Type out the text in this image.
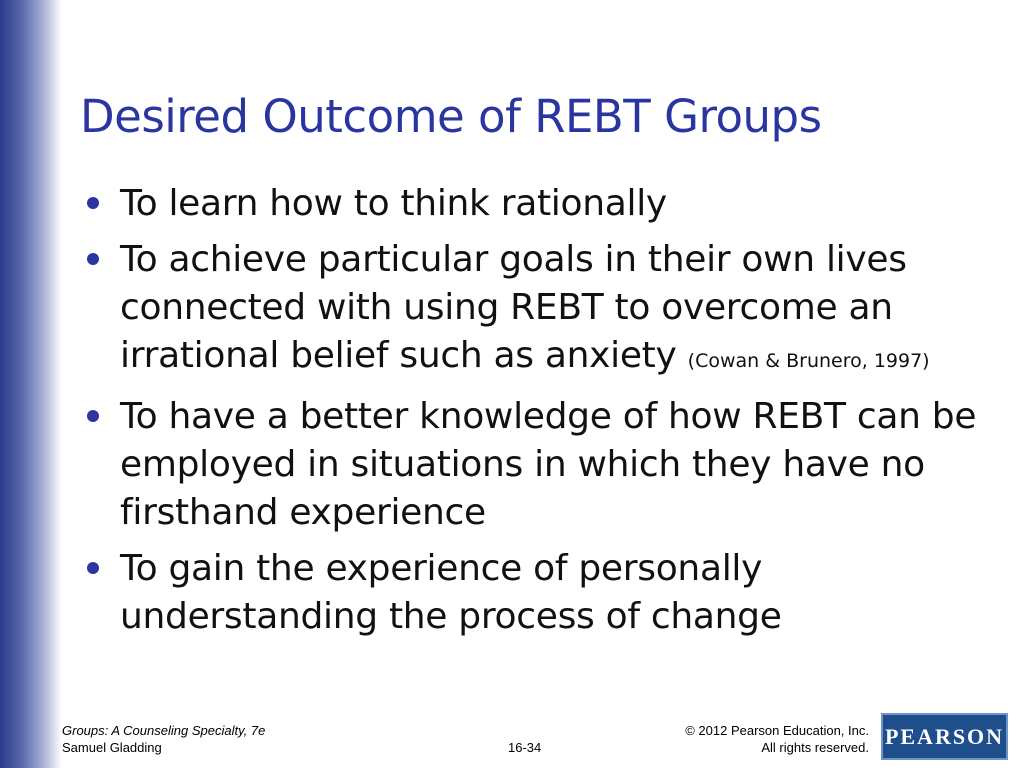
Desired Outcome of REBT Groups
To learn how to think rationally
To achieve particular goals in their own lives connected with using REBT to overcome an irrational belief such as anxiety (Cowan & Brunero, 1997)
To have a better knowledge of how REBT can be employed in situations in which they have no firsthand experience
To gain the experience of personally understanding the process of change
Groups: A Counseling Specialty, 7e
Samuel Gladding	16-34
© 2012 Pearson Education, Inc.
All rights reserved. PEARSON
